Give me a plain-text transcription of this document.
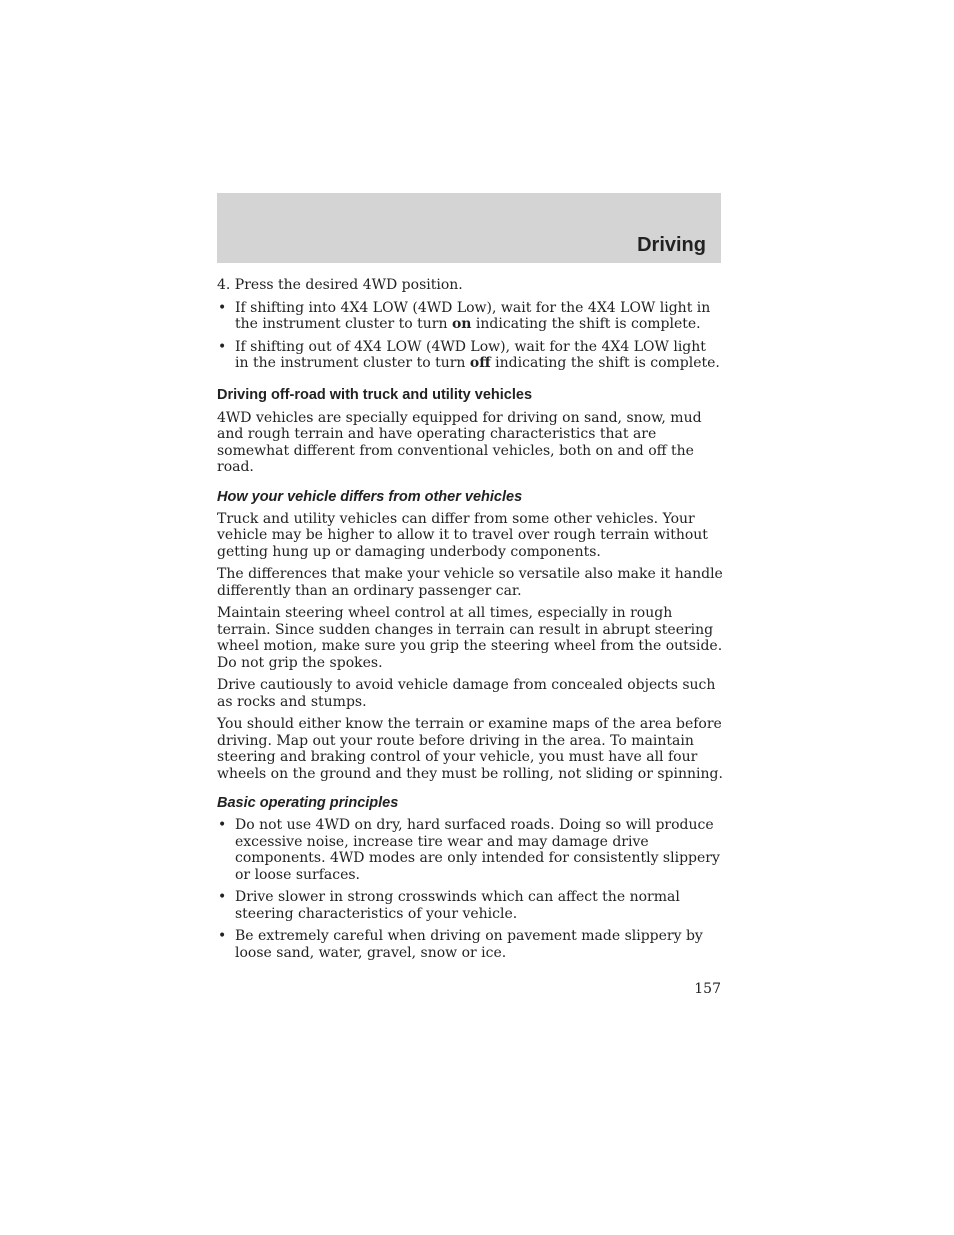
Driving

4. Press the desired 4WD position.

• If shifting into 4X4 LOW (4WD Low), wait for the 4X4 LOW light in the instrument cluster to turn on indicating the shift is complete.
• If shifting out of 4X4 LOW (4WD Low), wait for the 4X4 LOW light in the instrument cluster to turn off indicating the shift is complete.
Driving off-road with truck and utility vehicles

4WD vehicles are specially equipped for driving on sand, snow, mud and rough terrain and have operating characteristics that are somewhat different from conventional vehicles, both on and off the road.

How your vehicle differs from other vehicles

Truck and utility vehicles can differ from some other vehicles. Your vehicle may be higher to allow it to travel over rough terrain without getting hung up or damaging underbody components.

The differences that make your vehicle so versatile also make it handle differently than an ordinary passenger car.

Maintain steering wheel control at all times, especially in rough terrain. Since sudden changes in terrain can result in abrupt steering wheel motion, make sure you grip the steering wheel from the outside. Do not grip the spokes.

Drive cautiously to avoid vehicle damage from concealed objects such as rocks and stumps.

You should either know the terrain or examine maps of the area before driving. Map out your route before driving in the area. To maintain steering and braking control of your vehicle, you must have all four wheels on the ground and they must be rolling, not sliding or spinning.

Basic operating principles
• Do not use 4WD on dry, hard surfaced roads. Doing so will produce excessive noise, increase tire wear and may damage drive components. 4WD modes are only intended for consistently slippery or loose surfaces.
• Drive slower in strong crosswinds which can affect the normal steering characteristics of your vehicle.
• Be extremely careful when driving on pavement made slippery by loose sand, water, gravel, snow or ice.
157
